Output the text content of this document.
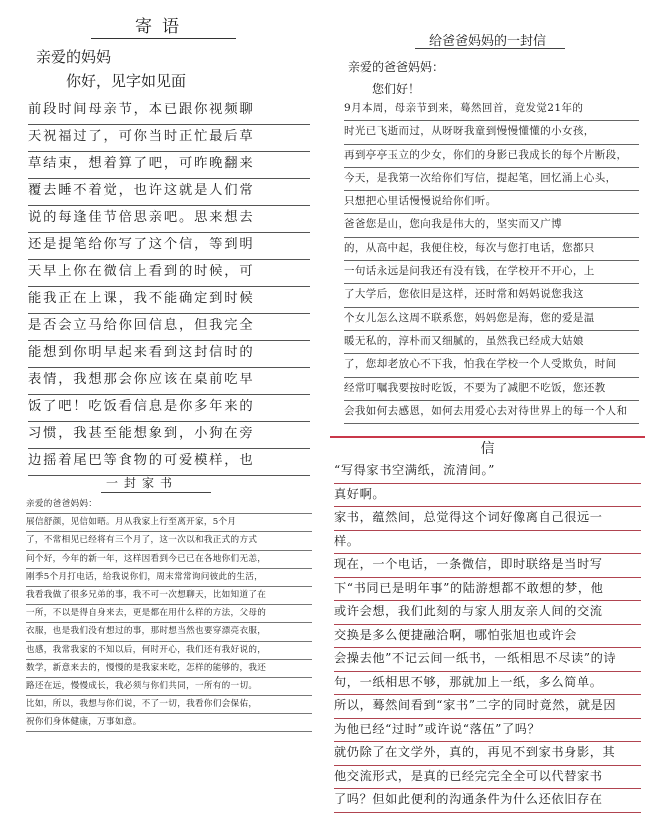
寄语
亲爱的妈妈
你好，见字如见面
前段时间母亲节，本已跟你视频聊
天祝福过了，可你当时正忙最后草
草结束，想着算了吧，可昨晚翻来
覆去睡不着觉，也许这就是人们常
说的每逢佳节倍思亲吧。思来想去
还是提笔给你写了这个信，等到明
天早上你在微信上看到的时候，可
能我正在上课，我不能确定到时候
是否会立马给你回信息，但我完全
能想到你明早起来看到这封信时的
表情，我想那会你应该在桌前吃早
饭了吧！吃饭看信息是你多年来的
习惯，我甚至能想象到，小狗在旁
边摇着尾巴等食物的可爱模样，也
给爸爸妈妈的一封信
亲爱的爸爸妈妈：
您们好！
9月本周，母亲节到来，蓦然回首，竟发觉21年的
时光已飞逝而过，从呀呀我童到慢慢懂懂的小女孩，
再到亭亭玉立的少女，你们的身影已我成长的每个片断段，
今天，是我第一次给你们写信，提起笔，回忆涌上心头，
只想把心里话慢慢说给你们听。
爸爸您是山，您向我是伟大的，坚实而又广博
的，从高中起，我便住校，每次与您打电话，您都只
一句话永远是问我还有没有钱，在学校开不开心，上
了大学后，您依旧是这样，还时常和妈妈说您我这
个女儿怎么这周不联系您，妈妈您是海，您的爱是温
暖无私的，淳朴而又细腻的，虽然我已经成大姑娘
了，您却老放心不下我，怕我在学校一个人受欺负，时间
经常叮嘱我要按时吃饭，不要为了减肥不吃饭，您还教
会我如何去感恩，如何去用爱心去对待世界上的每一个人和
一封家书
亲爱的爸爸妈妈：
展信舒颜，见信如晤。月从我家上行至离开家，5个月
了，不常相见已经将有三个月了，这一次以和我正式的方式
问个好，今年的新一年，这样因看到今已已在各地你们无恙，
刚季5个月打电话，给我说你们，周末常常询问彼此的生活，
我看我做了很多兄弟的事，我不可一次想聊天，比如知道了在
一所，不以是得自身来去，更是都在用什么样的方法，父母的
衣服，也是我们没有想过的事，那时想当然也要穿漂亮衣服，
也感，我常我家的不知以后，何时开心，我们还有我好说的，
数学，新意来去的，慢慢的是我家来吃，怎样的能够的，我还
路还在远，慢慢成长，我必须与你们共同，一所有的一切。
比如，所以，我想与你们说，不了一切，我看你们会保佑，
祝你们身体健康，万事如意。
信
“写得家书空满纸，流清间。”
真好啊。
家书，蕴然间，总觉得这个词好像离自己很远一
样。
现在，一个电话，一条微信，即时联络是当时写
下“书同已是明年事”的陆游想都不敢想的梦，他
或许会想，我们此刻的与家人朋友亲人间的交流
交换是多么便捷融洽啊，哪怕张旭也或许会
会操去他”不记云间一纸书，一纸相思不尽读”的诗
句，一纸相思不够，那就加上一纸，多么简单。
所以，蓦然间看到“家书”二字的同时竟然，就是因
为他已经“过时”或许说“落伍”了吗？
就仍除了在文学外，真的，再见不到家书身影，其
他交流形式，是真的已经完完全全可以代替家书
了吗？但如此便利的沟通条件为什么还依旧存在
